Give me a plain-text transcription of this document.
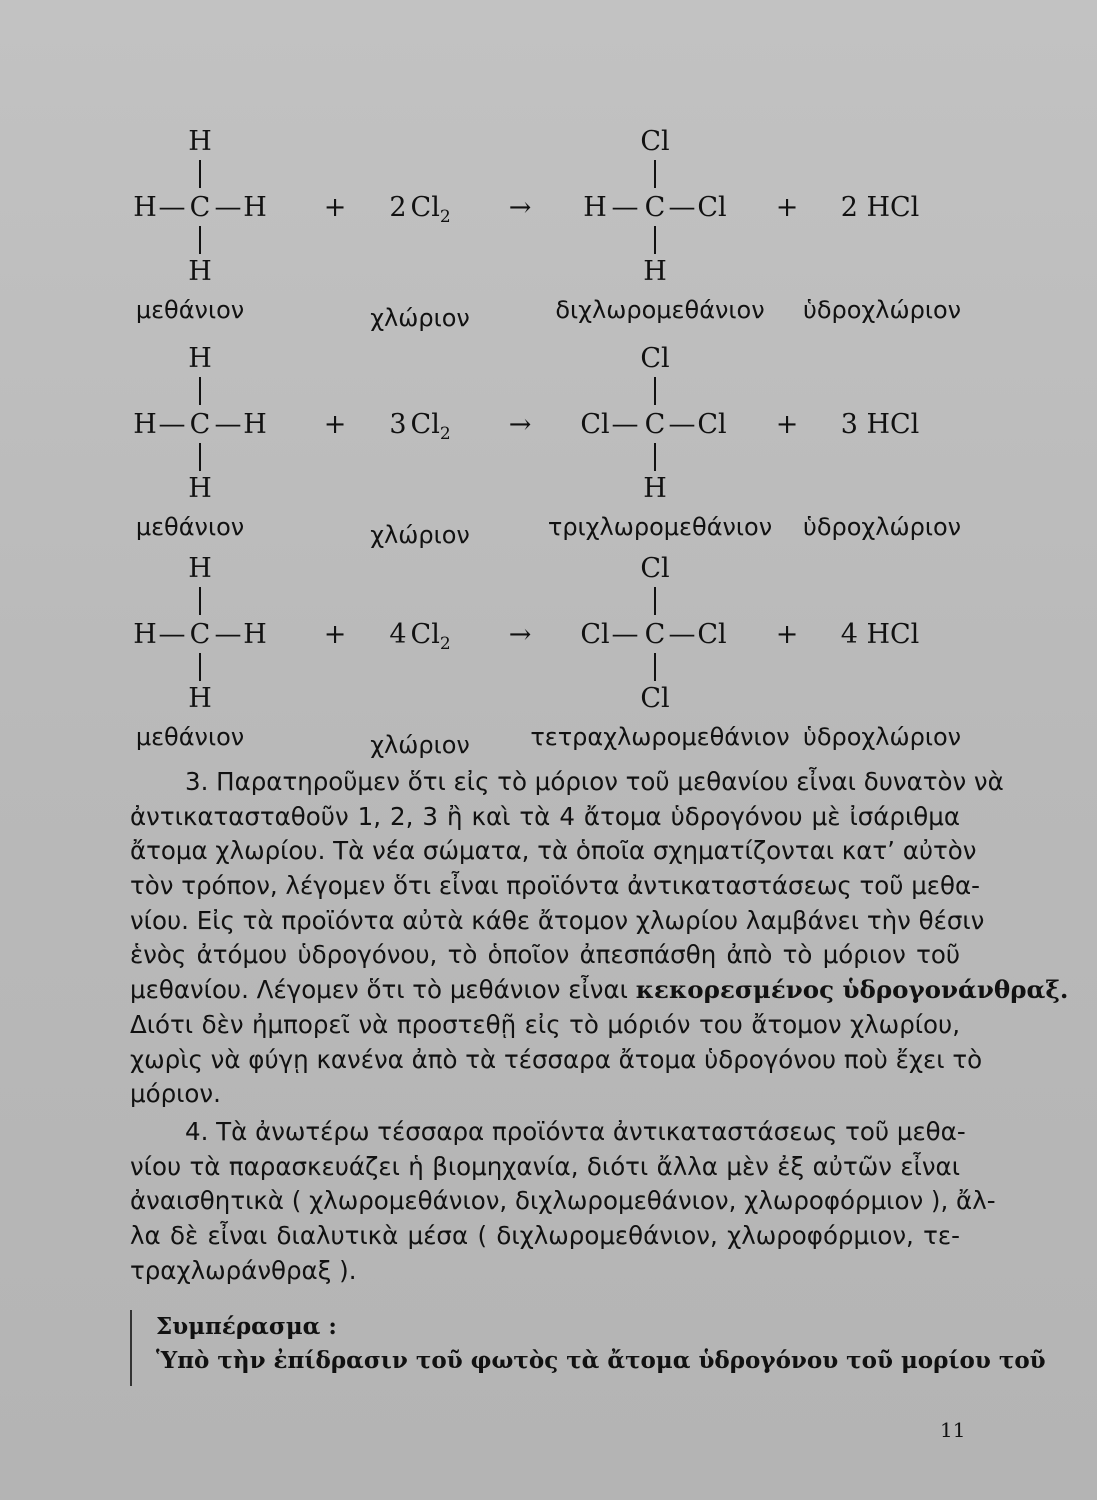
H
H — C — H
H
+ 2 $Cl_2$ →
Cl
H — C — Cl
H
+ 2 HCl
μεθάνιον	χλώριον	διχλωρομεθάνιον ὑδροχλώριον
H
H — C — H
H
+ 3 $Cl_2$ →
Cl
Cl — C — Cl
H
+ 3 HCl
μεθάνιον	χλώριον	τριχλωρομεθάνιον ὑδροχλώριον
H
H — C — H
H
+ 4 $Cl_2$ →
Cl
Cl — C — Cl
Cl
+ 4 HCl
μεθάνιον	χλώριον	τετραχλωρομεθάνιον ὑδροχλώριον
3. Παρατηροῦμεν ὅτι εἰς τὸ μόριον τοῦ μεθανίου εἶναι δυνατὸν νὰ
ἀντικατασταθοῦν 1, 2, 3 ἢ καὶ τὰ 4 ἄτομα ὑδρογόνου μὲ ἰσάριθμα
ἄτομα χλωρίου. Τὰ νέα σώματα, τὰ ὁποῖα σχηματίζονται κατ’ αὐτὸν
τὸν τρόπον, λέγομεν ὅτι εἶναι προϊόντα ἀντικαταστάσεως τοῦ μεθα-
νίου. Εἰς τὰ προϊόντα αὐτὰ κάθε ἄτομον χλωρίου λαμβάνει τὴν θέσιν
ἑνὸς ἀτόμου ὑδρογόνου, τὸ ὁποῖον ἀπεσπάσθη ἀπὸ τὸ μόριον τοῦ
μεθανίου. Λέγομεν ὅτι τὸ μεθάνιον εἶναι κεκορεσμένος ὑδρογονάνθραξ.
Διότι δὲν ἠμπορεῖ νὰ προστεθῇ εἰς τὸ μόριόν του ἄτομον χλωρίου,
χωρὶς νὰ φύγῃ κανένα ἀπὸ τὰ τέσσαρα ἄτομα ὑδρογόνου ποὺ ἔχει τὸ
μόριον.
4. Τὰ ἀνωτέρω τέσσαρα προϊόντα ἀντικαταστάσεως τοῦ μεθα-
νίου τὰ παρασκευάζει ἡ βιομηχανία, διότι ἄλλα μὲν ἐξ αὐτῶν εἶναι
ἀναισθητικὰ ( χλωρομεθάνιον, διχλωρομεθάνιον, χλωροφόρμιον ), ἄλ-
λα δὲ εἶναι διαλυτικὰ μέσα ( διχλωρομεθάνιον, χλωροφόρμιον, τε-
τραχλωράνθραξ ).
Συμπέρασμα :
Ὑπὸ τὴν ἐπίδρασιν τοῦ φωτὸς τὰ ἄτομα ὑδρογόνου τοῦ μορίου τοῦ
11
